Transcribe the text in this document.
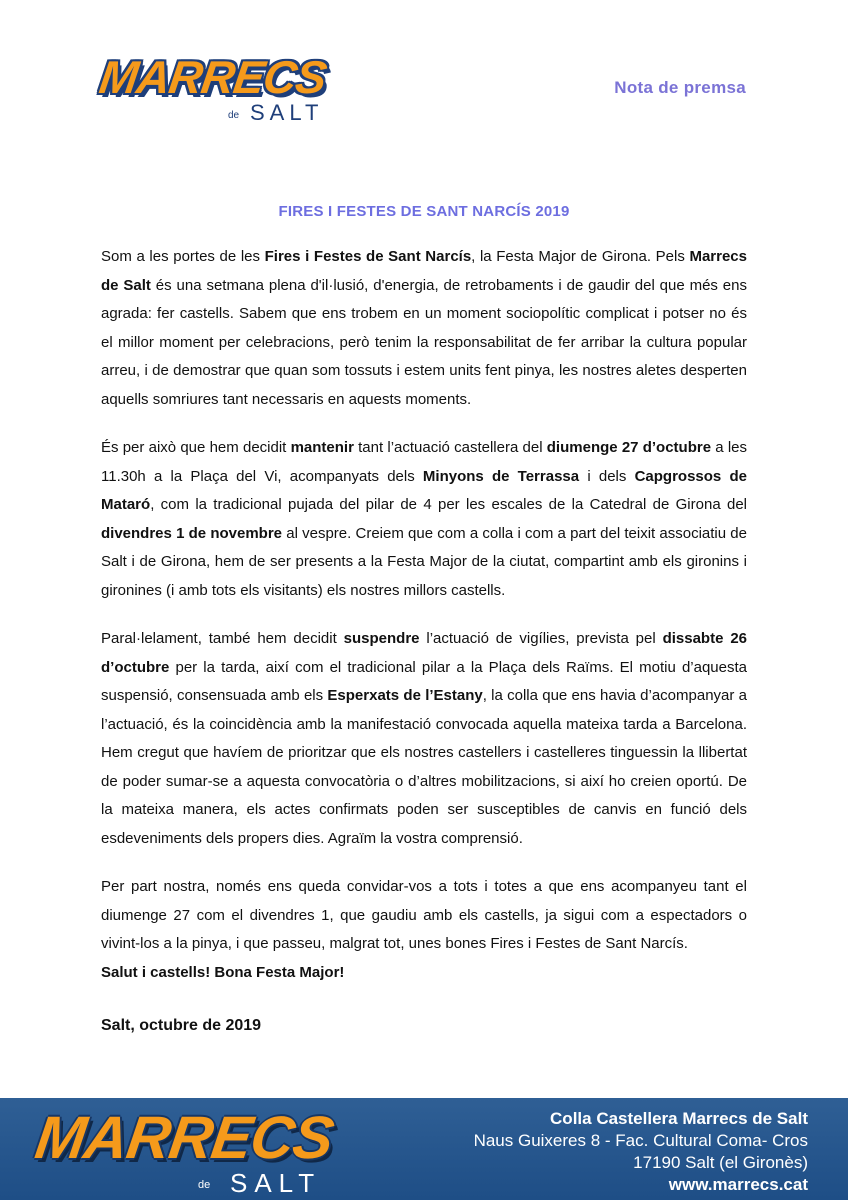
MARRECS
de SALT
Nota de premsa
FIRES I FESTES DE SANT NARCÍS 2019

Som a les portes de les Fires i Festes de Sant Narcís, la Festa Major de Girona. Pels Marrecs de Salt és una setmana plena d'il·lusió, d'energia, de retrobaments i de gaudir del que més ens agrada: fer castells. Sabem que ens trobem en un moment sociopolític complicat i potser no és el millor moment per celebracions, però tenim la responsabilitat de fer arribar la cultura popular arreu, i de demostrar que quan som tossuts i estem units fent pinya, les nostres aletes desperten aquells somriures tant necessaris en aquests moments.

És per això que hem decidit mantenir tant l’actuació castellera del diumenge 27 d’octubre a les 11.30h a la Plaça del Vi, acompanyats dels Minyons de Terrassa i dels Capgrossos de Mataró, com la tradicional pujada del pilar de 4 per les escales de la Catedral de Girona del divendres 1 de novembre al vespre. Creiem que com a colla i com a part del teixit associatiu de Salt i de Girona, hem de ser presents a la Festa Major de la ciutat, compartint amb els gironins i gironines (i amb tots els visitants) els nostres millors castells.

Paral·lelament, també hem decidit suspendre l’actuació de vigílies, prevista pel dissabte 26 d’octubre per la tarda, així com el tradicional pilar a la Plaça dels Raïms. El motiu d’aquesta suspensió, consensuada amb els Esperxats de l’Estany, la colla que ens havia d’acompanyar a l’actuació, és la coincidència amb la manifestació convocada aquella mateixa tarda a Barcelona. Hem cregut que havíem de prioritzar que els nostres castellers i castelleres tinguessin la llibertat de poder sumar-se a aquesta convocatòria o d’altres mobilitzacions, si així ho creien oportú. De la mateixa manera, els actes confirmats poden ser susceptibles de canvis en funció dels esdeveniments dels propers dies. Agraïm la vostra comprensió.

Per part nostra, només ens queda convidar-vos a tots i totes a que ens acompanyeu tant el diumenge 27 com el divendres 1, que gaudiu amb els castells, ja sigui com a espectadors o vivint-los a la pinya, i que passeu, malgrat tot, unes bones Fires i Festes de Sant Narcís.

Salut i castells! Bona Festa Major!
Salt, octubre de 2019
MARRECS
de SALT
Colla Castellera Marrecs de Salt
Naus Guixeres 8 - Fac. Cultural Coma- Cros
17190 Salt (el Gironès)
www.marrecs.cat
